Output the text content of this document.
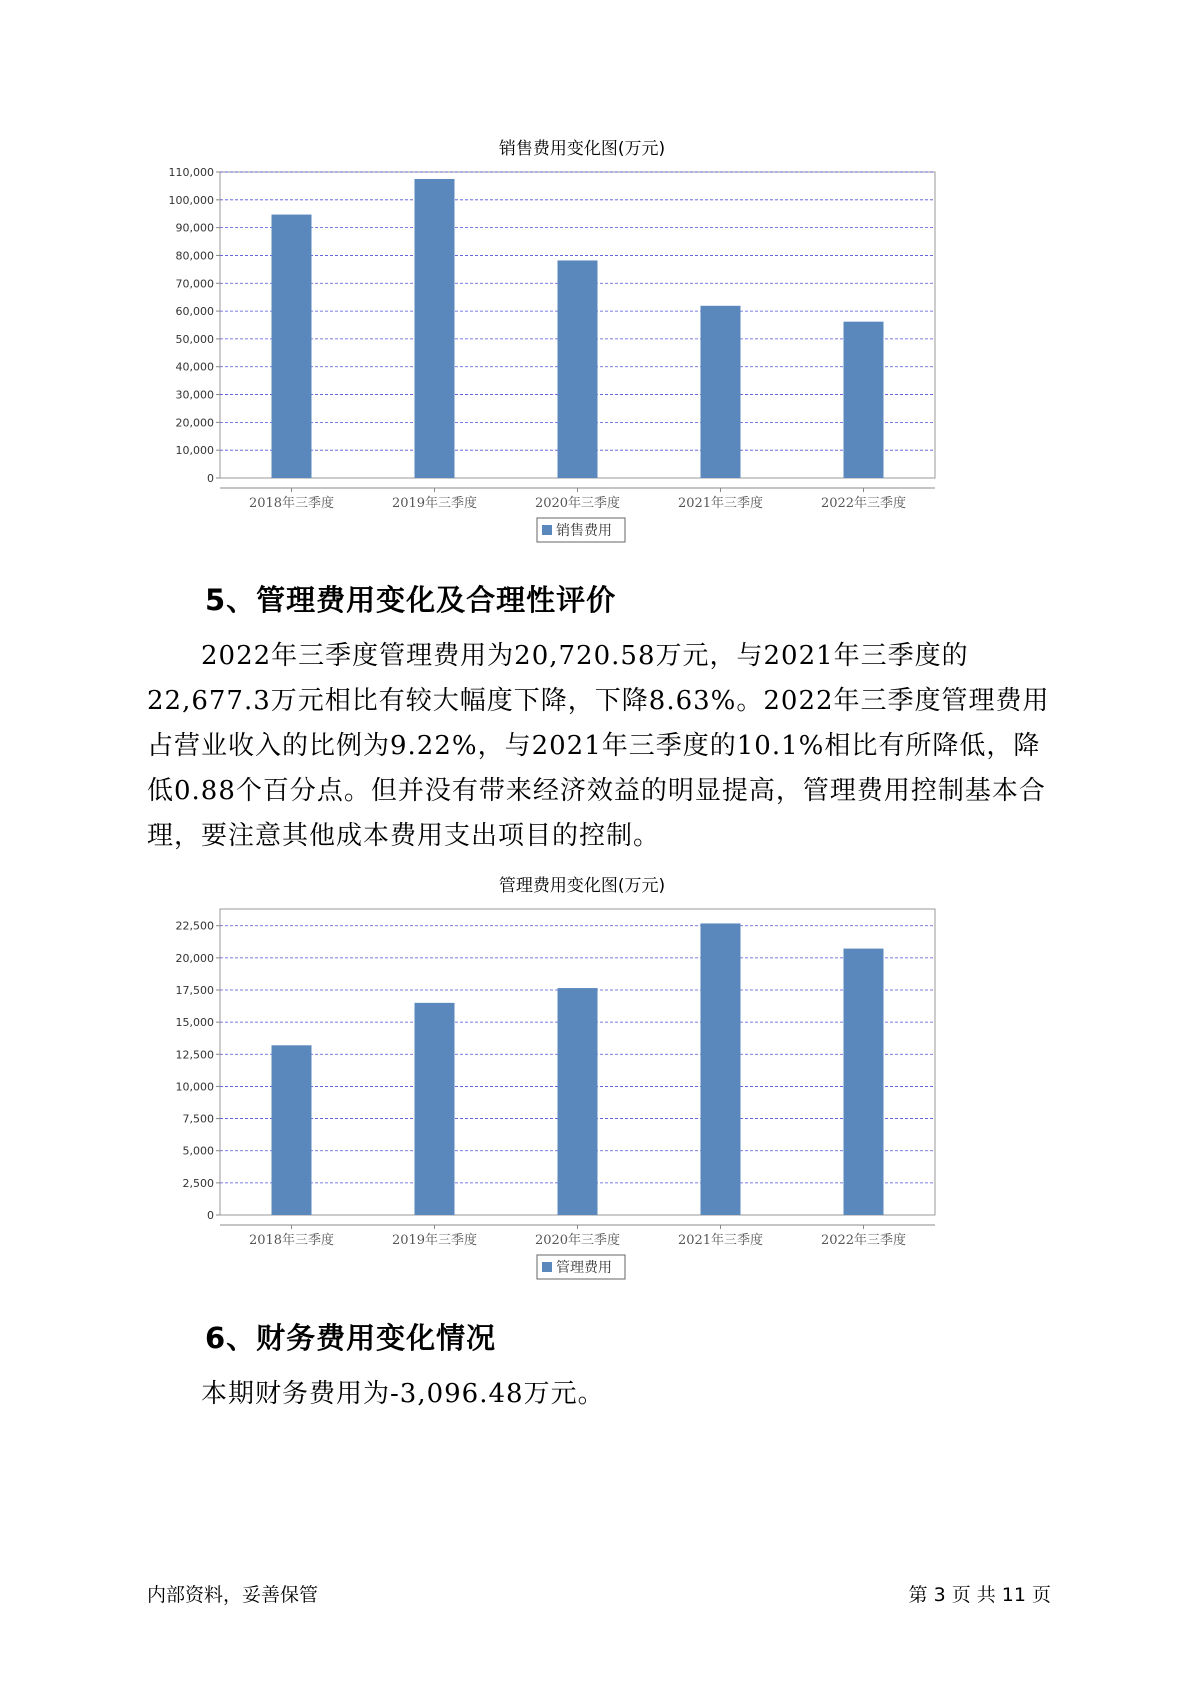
销售费用变化图(万元)
0
10,000
20,000
30,000
40,000
50,000
60,000
70,000
80,000
90,000
100,000
110,000
2018年三季度	2019年三季度	2020年三季度	2021年三季度	2022年三季度
销售费用
5、管理费用变化及合理性评价

2022年三季度管理费用为20,720.58万元，与2021年三季度的22,677.3万元相比有较大幅度下降，下降8.63%。2022年三季度管理费用占营业收入的比例为9.22%，与2021年三季度的10.1%相比有所降低，降低0.88个百分点。但并没有带来经济效益的明显提高，管理费用控制基本合理，要注意其他成本费用支出项目的控制。

管理费用变化图(万元)
0
2,500
5,000
7,500
10,000
12,500
15,000
17,500
20,000
22,500
2018年三季度	2019年三季度	2020年三季度	2021年三季度	2022年三季度
管理费用
6、财务费用变化情况

本期财务费用为-3,096.48万元。

内部资料，妥善保管	第 3 页 共 11 页
